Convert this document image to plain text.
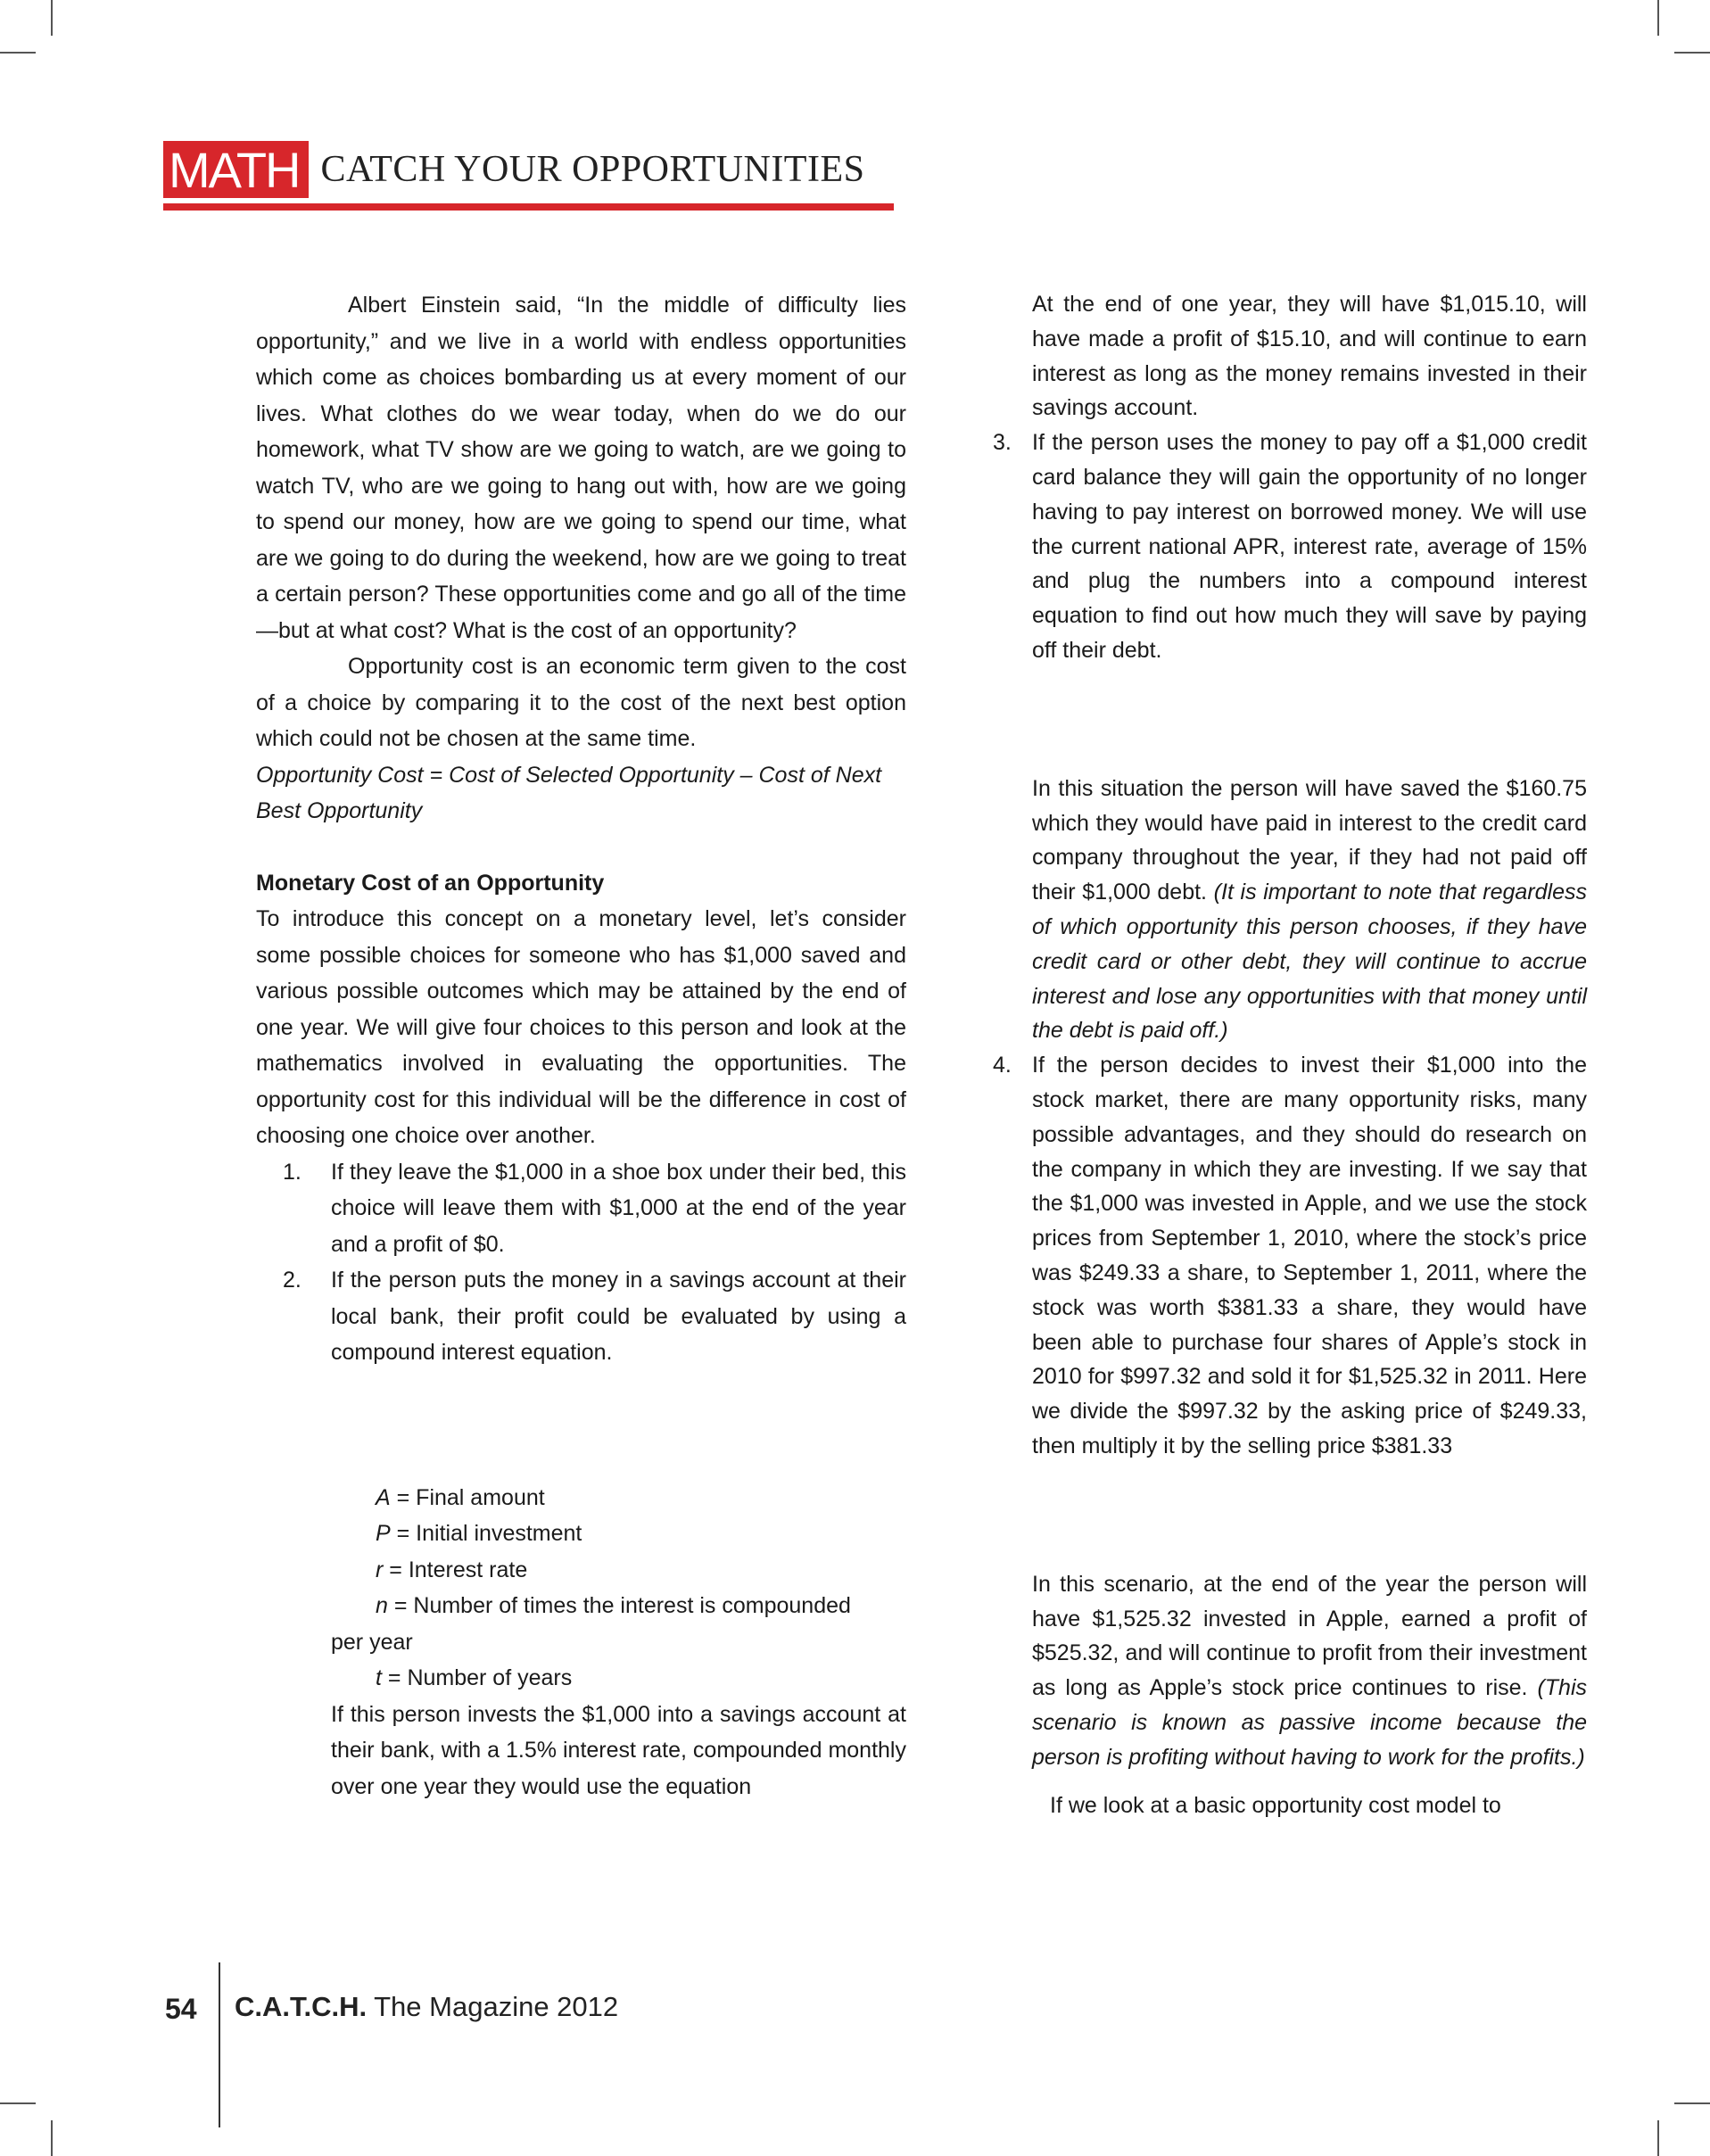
MATH CATCH YOUR OPPORTUNITIES

Albert Einstein said, “In the middle of difficulty lies opportunity,” and we live in a world with endless opportunities which come as choices bombarding us at every moment of our lives. What clothes do we wear today, when do we do our homework, what TV show are we going to watch, are we going to watch TV, who are we going to hang out with, how are we going to spend our money, how are we going to spend our time, what are we going to do during the weekend, how are we going to treat a certain person? These opportunities come and go all of the time—but at what cost? What is the cost of an opportunity?

Opportunity cost is an economic term given to the cost of a choice by comparing it to the cost of the next best option which could not be chosen at the same time.

Opportunity Cost = Cost of Selected Opportunity – Cost of Next Best Opportunity

Monetary Cost of an Opportunity

To introduce this concept on a monetary level, let’s consider some possible choices for someone who has $1,000 saved and various possible outcomes which may be attained by the end of one year. We will give four choices to this person and look at the mathematics involved in evaluating the opportunities. The opportunity cost for this individual will be the difference in cost of choosing one choice over another.

1. If they leave the $1,000 in a shoe box under their bed, this choice will leave them with $1,000 at the end of the year and a profit of $0.

2. If the person puts the money in a savings account at their local bank, their profit could be evaluated by using a compound interest equation.

A = Final amount

P = Initial investment

r = Interest rate

n = Number of times the interest is compounded

per year

t = Number of years

If this person invests the $1,000 into a savings account at their bank, with a 1.5% interest rate, compounded monthly over one year they would use the equation

At the end of one year, they will have $1,015.10, will have made a profit of $15.10, and will continue to earn interest as long as the money remains invested in their savings account.

3. If the person uses the money to pay off a $1,000 credit card balance they will gain the opportunity of no longer having to pay interest on borrowed money. We will use the current national APR, interest rate, average of 15% and plug the numbers into a compound interest equation to find out how much they will save by paying off their debt.

In this situation the person will have saved the $160.75 which they would have paid in interest to the credit card company throughout the year, if they had not paid off their $1,000 debt. (It is important to note that regardless of which opportunity this person chooses, if they have credit card or other debt, they will continue to accrue interest and lose any opportunities with that money until the debt is paid off.)

4. If the person decides to invest their $1,000 into the stock market, there are many opportunity risks, many possible advantages, and they should do research on the company in which they are investing. If we say that the $1,000 was invested in Apple, and we use the stock prices from September 1, 2010, where the stock’s price was $249.33 a share, to September 1, 2011, where the stock was worth $381.33 a share, they would have been able to purchase four shares of Apple’s stock in 2010 for $997.32 and sold it for $1,525.32 in 2011. Here we divide the $997.32 by the asking price of $249.33, then multiply it by the selling price $381.33

In this scenario, at the end of the year the person will have $1,525.32 invested in Apple, earned a profit of $525.32, and will continue to profit from their investment as long as Apple’s stock price continues to rise. (This scenario is known as passive income because the person is profiting without having to work for the profits.)

If we look at a basic opportunity cost model to

54	C.A.T.C.H. The Magazine 2012
